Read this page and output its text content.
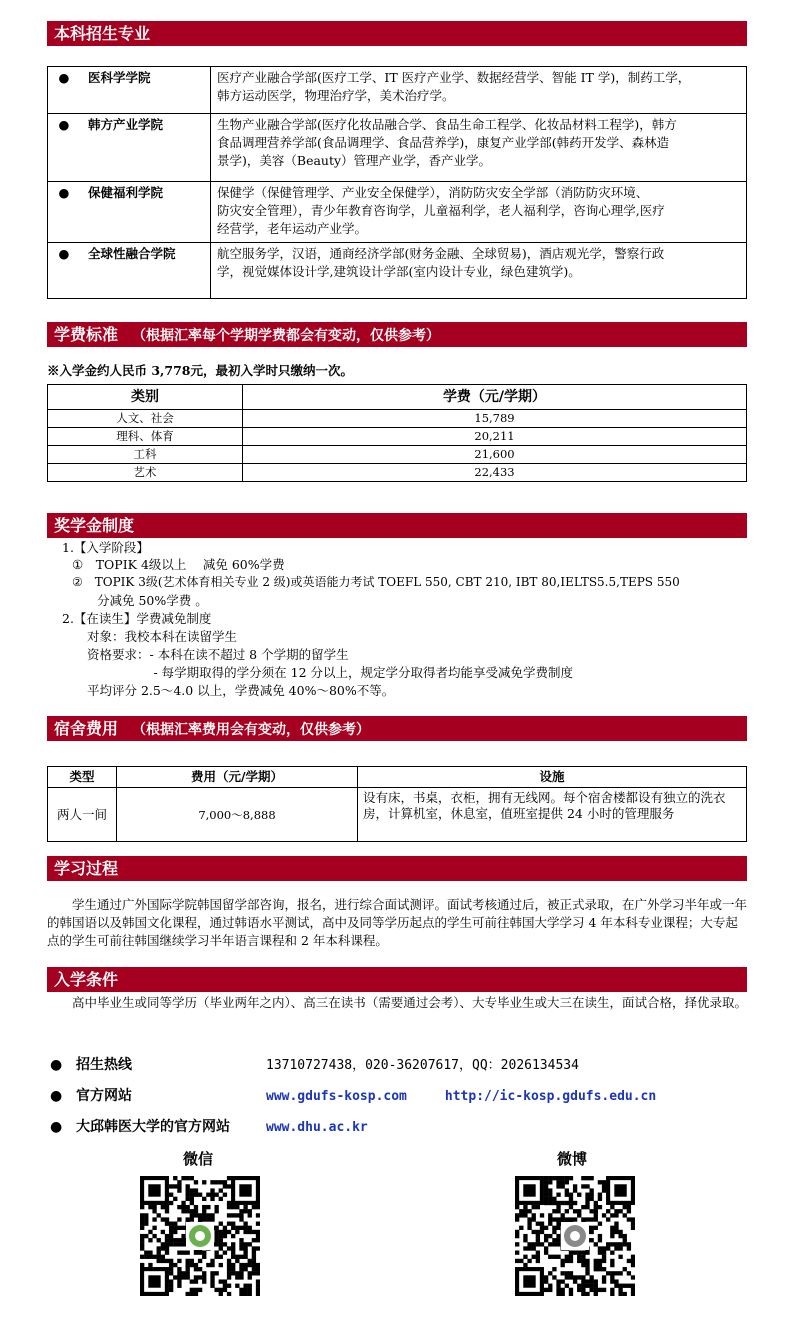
本科招生专业
● 医科学学院	医疗产业融合学部(医疗工学、IT 医疗产业学、数据经营学、智能 IT 学)，制药工学，
韩方运动医学，物理治疗学，美术治疗学。

● 韩方产业学院	生物产业融合学部(医疗化妆品融合学、食品生命工程学、化妆品材料工程学)，韩方
食品调理营养学部(食品调理学、食品营养学)，康复产业学部(韩药开发学、森林造
景学)，美容（Beauty）管理产业学，香产业学。

● 保健福利学院	保健学（保健管理学、产业安全保健学），消防防灾安全学部（消防防灾环境、
防灾安全管理），青少年教育咨询学，儿童福利学，老人福利学，咨询心理学,医疗
经营学，老年运动产业学。

● 全球性融合学院	航空服务学，汉语，通商经济学部(财务金融、全球贸易)，酒店观光学，警察行政
学，视觉媒体设计学,建筑设计学部(室内设计专业，绿色建筑学)。
学费标准 （根据汇率每个学期学费都会有变动，仅供参考）
※入学金约人民币 3,778元，最初入学时只缴纳一次。
类别	学费（元/学期）
人文、社会	15,789
理科、体育	20,211
工科	21,600
艺术	22,433
奖学金制度
1.【入学阶段】
①　TOPIK 4级以上　 减免 60%学费
②　TOPIK 3级(艺术体育相关专业 2 级)或英语能力考试 TOEFL 550, CBT 210, IBT 80,IELTS5.5,TEPS 550
　　分减免 50%学费 。
2.【在读生】学费减免制度
　　对象：我校本科在读留学生
　　资格要求：- 本科在读不超过 8 个学期的留学生
　　　　　　　 - 每学期取得的学分须在 12 分以上，规定学分取得者均能享受减免学费制度
　　平均评分 2.5～4.0 以上，学费减免 40%～80%不等。
宿舍费用 （根据汇率费用会有变动，仅供参考）
类型	费用（元/学期）	设施
两人一间	7,000～8,888	设有床，书桌，衣柜，拥有无线网。每个宿舍楼都设有独立的洗衣房，计算机室，休息室，值班室提供 24 小时的管理服务
学习过程
　　学生通过广外国际学院韩国留学部咨询，报名，进行综合面试测评。面试考核通过后，被正式录取，在广外学习半年或一年的韩国语以及韩国文化课程，通过韩语水平测试，高中及同等学历起点的学生可前往韩国大学学习 4 年本科专业课程；大专起点的学生可前往韩国继续学习半年语言课程和 2 年本科课程。
入学条件
　　高中毕业生或同等学历（毕业两年之内）、高三在读书（需要通过会考）、大专毕业生或大三在读生，面试合格，择优录取。
● 招生热线	13710727438，020-36207617，QQ：2026134534
● 官方网站	www.gdufs-kosp.com	http://ic-kosp.gdufs.edu.cn
● 大邱韩医大学的官方网站	www.dhu.ac.kr
微信	微博
